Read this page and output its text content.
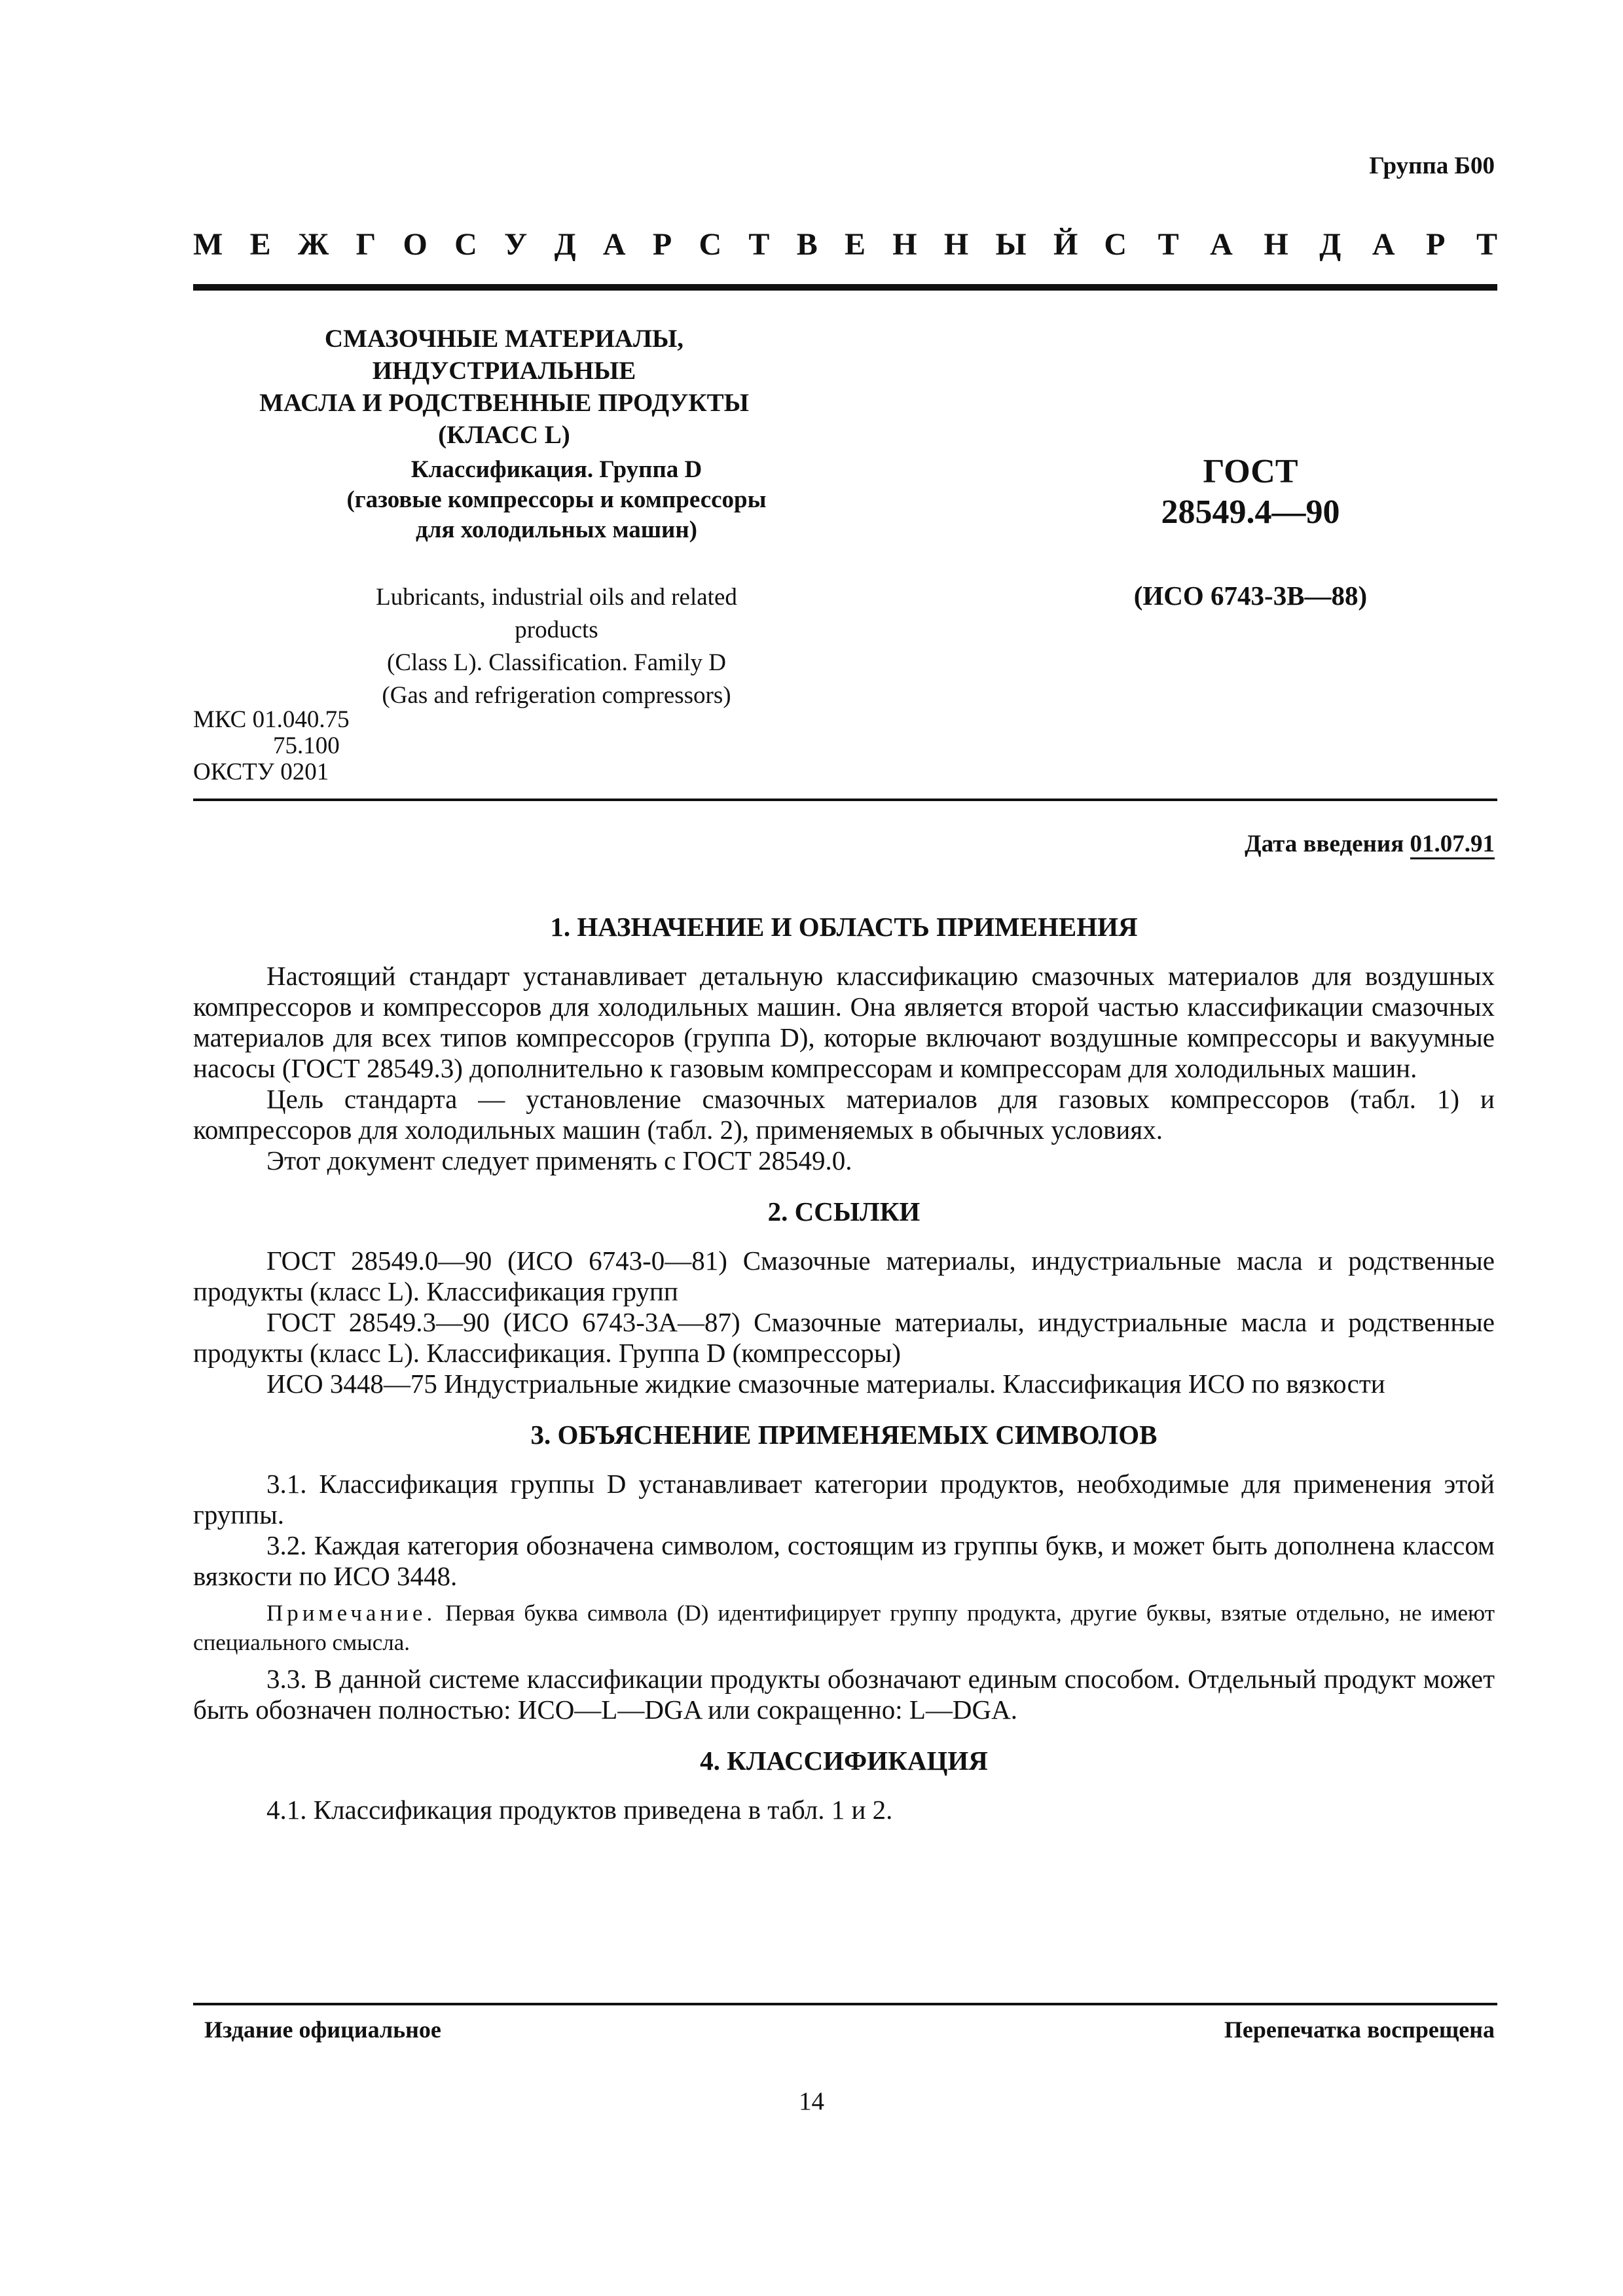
Группа Б00
М Е Ж Г О С У Д А Р С Т В Е Н Н Ы Й С Т А Н Д А Р Т
СМАЗОЧНЫЕ МАТЕРИАЛЫ, ИНДУСТРИАЛЬНЫЕ
МАСЛА И РОДСТВЕННЫЕ ПРОДУКТЫ
(КЛАСС L)
Классификация. Группа D
(газовые компрессоры и компрессоры
для холодильных машин)
Lubricants, industrial oils and related products
(Class L). Classification. Family D
(Gas and refrigeration compressors)
ГОСТ
28549.4—90
(ИСО 6743-3В—88)
МКС 01.040.75
75.100
ОКСТУ 0201
Дата введения 01.07.91
1. НАЗНАЧЕНИЕ И ОБЛАСТЬ ПРИМЕНЕНИЯ

Настоящий стандарт устанавливает детальную классификацию смазочных материалов для воздушных компрессоров и компрессоров для холодильных машин. Она является второй частью классификации смазочных материалов для всех типов компрессоров (группа D), которые включают воздушные компрессоры и вакуумные насосы (ГОСТ 28549.3) дополнительно к газовым компрессорам и компрессорам для холодильных машин.

Цель стандарта — установление смазочных материалов для газовых компрессоров (табл. 1) и компрессоров для холодильных машин (табл. 2), применяемых в обычных условиях.

Этот документ следует применять с ГОСТ 28549.0.

2. ССЫЛКИ

ГОСТ 28549.0—90 (ИСО 6743-0—81) Смазочные материалы, индустриальные масла и родственные продукты (класс L). Классификация групп

ГОСТ 28549.3—90 (ИСО 6743-3А—87) Смазочные материалы, индустриальные масла и родственные продукты (класс L). Классификация. Группа D (компрессоры)

ИСО 3448—75 Индустриальные жидкие смазочные материалы. Классификация ИСО по вязкости

3. ОБЪЯСНЕНИЕ ПРИМЕНЯЕМЫХ СИМВОЛОВ

3.1. Классификация группы D устанавливает категории продуктов, необходимые для применения этой группы.

3.2. Каждая категория обозначена символом, состоящим из группы букв, и может быть дополнена классом вязкости по ИСО 3448.

Примечание. Первая буква символа (D) идентифицирует группу продукта, другие буквы, взятые отдельно, не имеют специального смысла.

3.3. В данной системе классификации продукты обозначают единым способом. Отдельный продукт может быть обозначен полностью: ИСО—L—DGA или сокращенно: L—DGA.

4. КЛАССИФИКАЦИЯ

4.1. Классификация продуктов приведена в табл. 1 и 2.

Издание официальное	Перепечатка воспрещена
14
